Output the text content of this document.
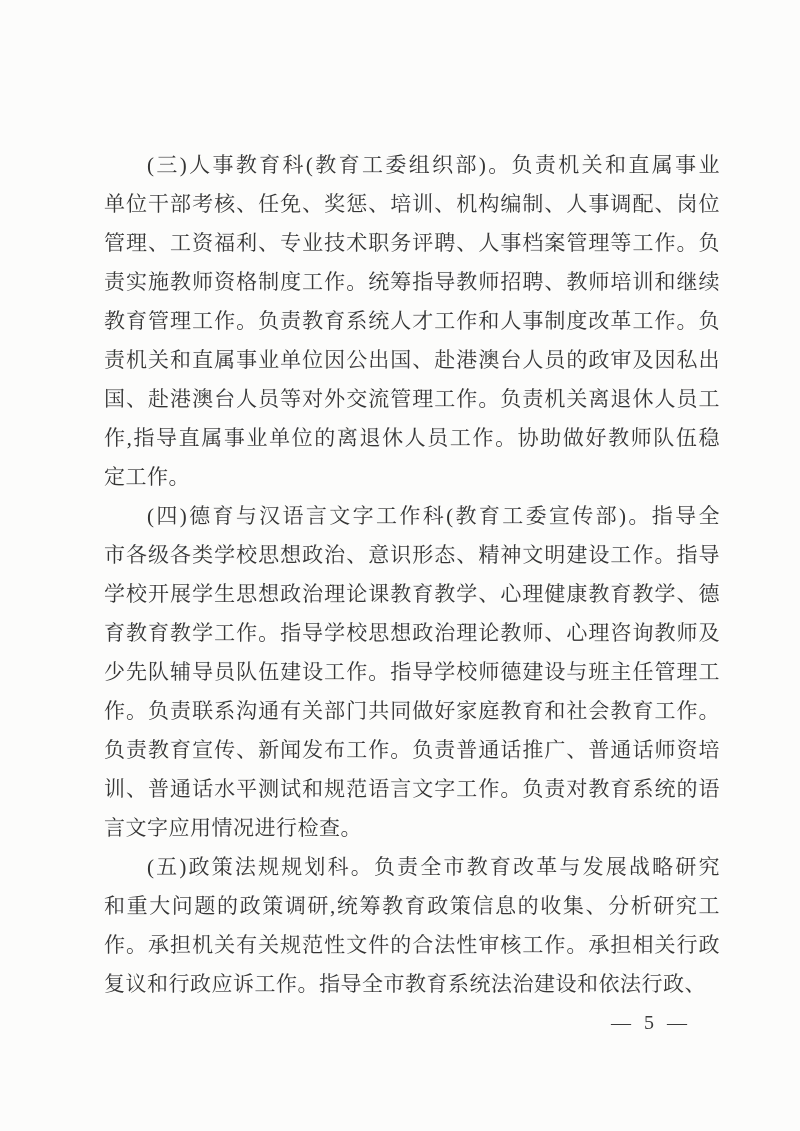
(三)人事教育科(教育工委组织部)。负责机关和直属事业
单位干部考核、任免、奖惩、培训、机构编制、人事调配、岗位
管理、工资福利、专业技术职务评聘、人事档案管理等工作。负
责实施教师资格制度工作。统筹指导教师招聘、教师培训和继续
教育管理工作。负责教育系统人才工作和人事制度改革工作。负
责机关和直属事业单位因公出国、赴港澳台人员的政审及因私出
国、赴港澳台人员等对外交流管理工作。负责机关离退休人员工
作,指导直属事业单位的离退休人员工作。协助做好教师队伍稳
定工作。
(四)德育与汉语言文字工作科(教育工委宣传部)。指导全
市各级各类学校思想政治、意识形态、精神文明建设工作。指导
学校开展学生思想政治理论课教育教学、心理健康教育教学、德
育教育教学工作。指导学校思想政治理论教师、心理咨询教师及
少先队辅导员队伍建设工作。指导学校师德建设与班主任管理工
作。负责联系沟通有关部门共同做好家庭教育和社会教育工作。
负责教育宣传、新闻发布工作。负责普通话推广、普通话师资培
训、普通话水平测试和规范语言文字工作。负责对教育系统的语
言文字应用情况进行检查。
(五)政策法规规划科。负责全市教育改革与发展战略研究
和重大问题的政策调研,统筹教育政策信息的收集、分析研究工
作。承担机关有关规范性文件的合法性审核工作。承担相关行政
复议和行政应诉工作。指导全市教育系统法治建设和依法行政、
—  5  —
